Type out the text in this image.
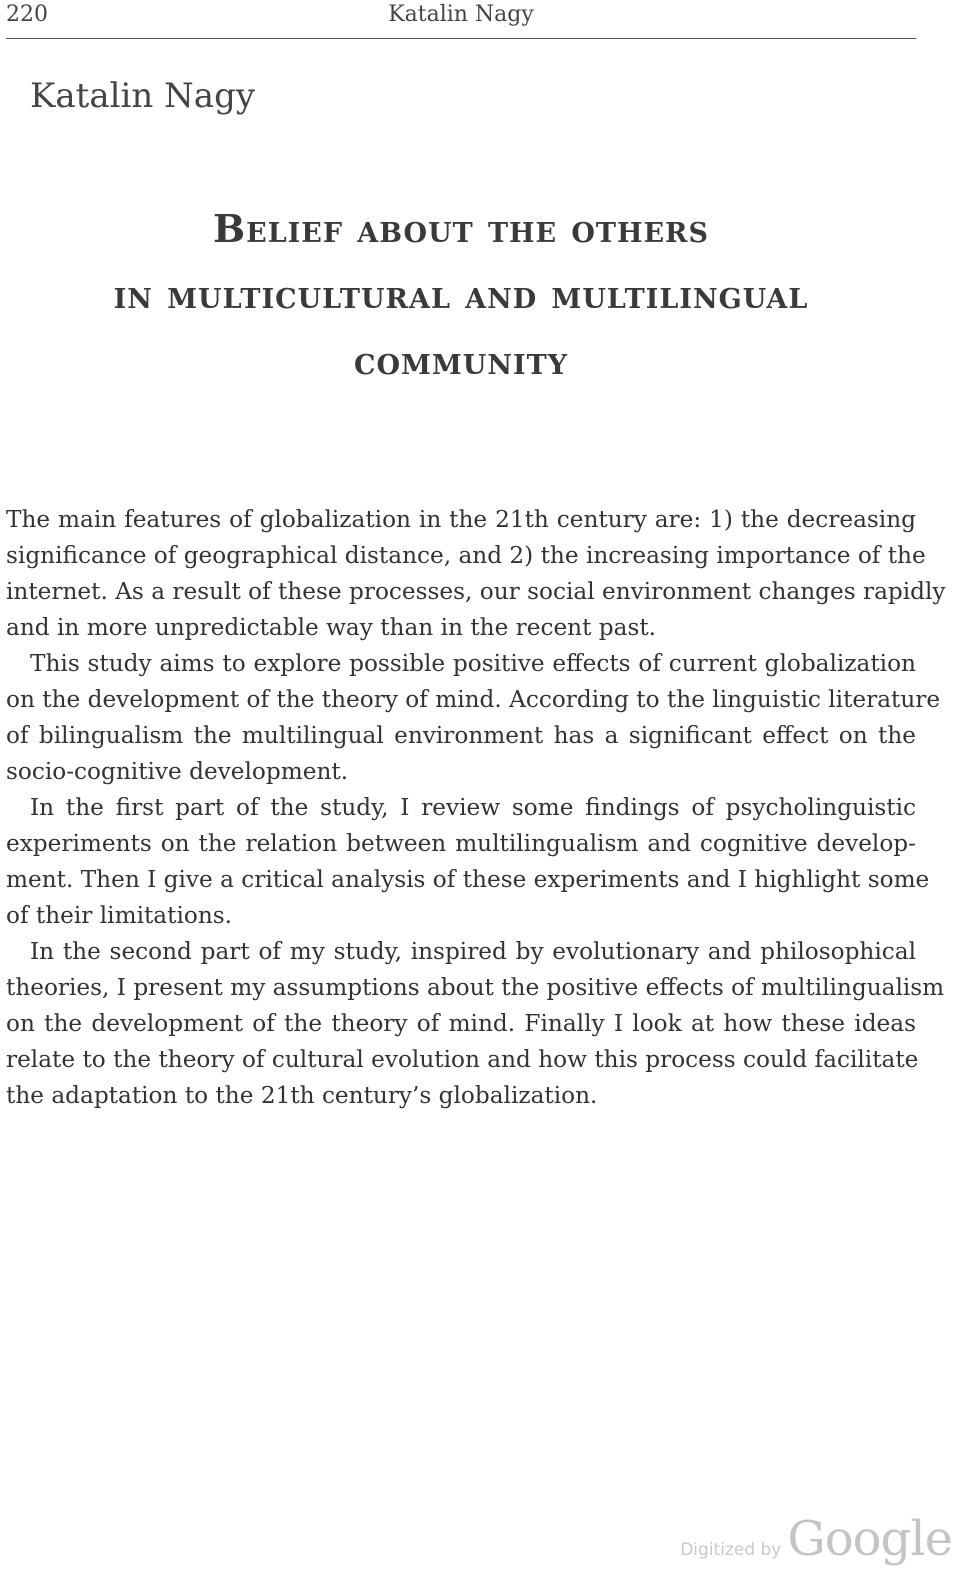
220	Katalin Nagy
Katalin Nagy
Belief about the others
in multicultural and multilingual
community
The main features of globalization in the 21th century are: 1) the decreasing
significance of geographical distance, and 2) the increasing importance of the
internet. As a result of these processes, our social environment changes rapidly
and in more unpredictable way than in the recent past.
This study aims to explore possible positive effects of current globalization
on the development of the theory of mind. According to the linguistic literature
of bilingualism the multilingual environment has a significant effect on the
socio-cognitive development.
In the first part of the study, I review some findings of psycholinguistic
experiments on the relation between multilingualism and cognitive develop-
ment. Then I give a critical analysis of these experiments and I highlight some
of their limitations.
In the second part of my study, inspired by evolutionary and philosophical
theories, I present my assumptions about the positive effects of multilingualism
on the development of the theory of mind. Finally I look at how these ideas
relate to the theory of cultural evolution and how this process could facilitate
the adaptation to the 21th century’s globalization.
Digitized by Google
